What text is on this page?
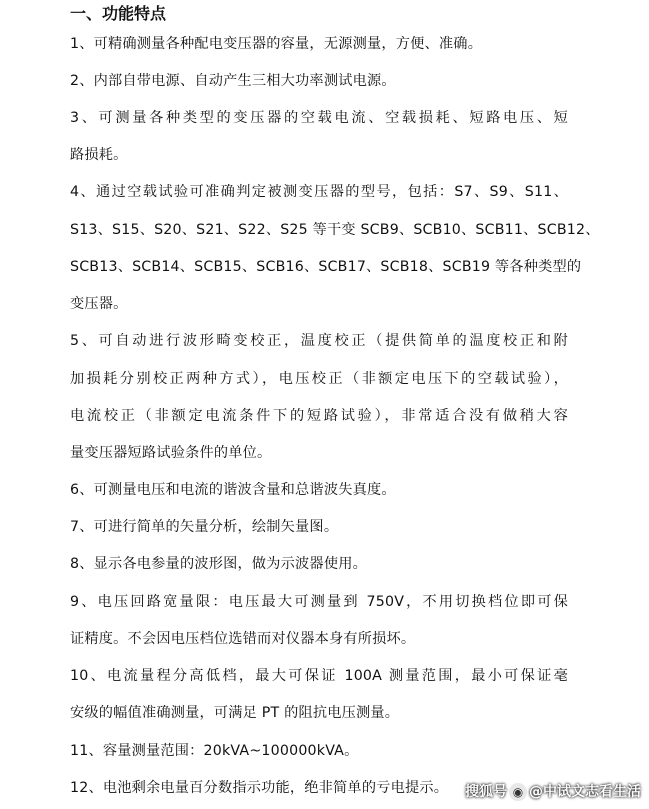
一、功能特点
1、可精确测量各种配电变压器的容量，无源测量，方便、准确。
2、内部自带电源、自动产生三相大功率测试电源。
3、可测量各种类型的变压器的空载电流、空载损耗、短路电压、短
路损耗。
4、通过空载试验可准确判定被测变压器的型号，包括：S7、S9、S11、
S13、S15、S20、S21、S22、S25 等干变 SCB9、SCB10、SCB11、SCB12、
SCB13、SCB14、SCB15、SCB16、SCB17、SCB18、SCB19 等各种类型的
变压器。
5、可自动进行波形畸变校正，温度校正（提供简单的温度校正和附
加损耗分别校正两种方式），电压校正（非额定电压下的空载试验），
电流校正（非额定电流条件下的短路试验），非常适合没有做稍大容
量变压器短路试验条件的单位。
6、可测量电压和电流的谐波含量和总谐波失真度。
7、可进行简单的矢量分析，绘制矢量图。
8、显示各电参量的波形图，做为示波器使用。
9、电压回路宽量限：电压最大可测量到 750V，不用切换档位即可保
证精度。不会因电压档位选错而对仪器本身有所损坏。
10、电流量程分高低档，最大可保证 100A 测量范围，最小可保证毫
安级的幅值准确测量，可满足 PT 的阻抗电压测量。
11、容量测量范围：20kVA~100000kVA。
12、电池剩余电量百分数指示功能，绝非简单的亏电提示。 搜狐号 ◉ @中试文志看生活
